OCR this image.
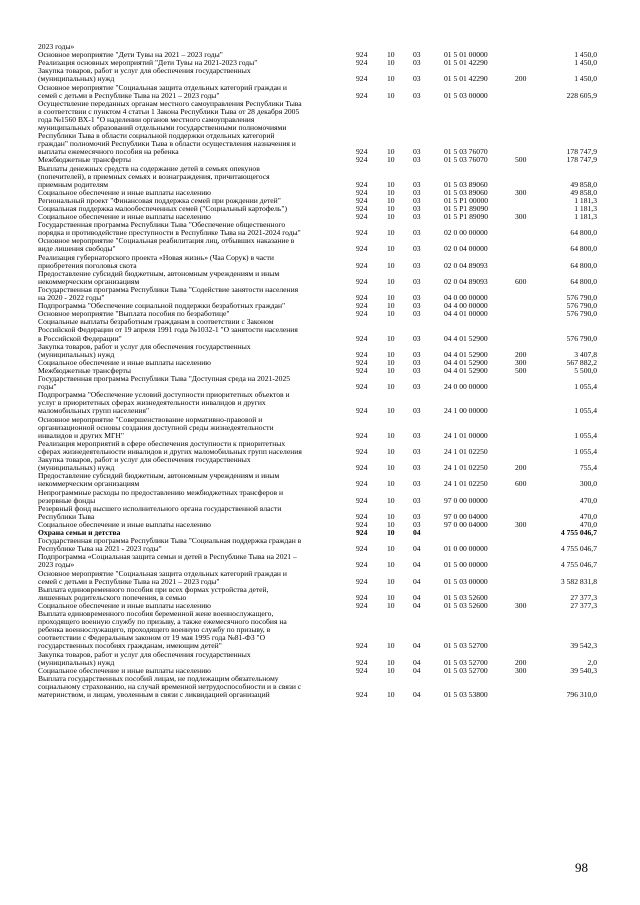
2023 годы»
Основное мероприятие "Дети Тувы на 2021 – 2023 годы"	924	10 03	01 5 01 00000	1 450,0
Реализация основных мероприятий "Дети Тувы на 2021-2023 годы"	924	10 03	01 5 01 42290	1 450,0
Закупка товаров, работ и услуг для обеспечения государственных
(муниципальных) нужд	924	10 03	01 5 01 42290	200	1 450,0
Основное мероприятие "Социальная защита отдельных категорий граждан и
семей с детьми в Республике Тыва на 2021 – 2023 годы"	924	10 03	01 5 03 00000	228 605,9
Осуществление переданных органам местного самоуправления Республики Тыва
в соответствии с пунктом 4 статьи 1 Закона Республики Тыва от 28 декабря 2005
года №1560 ВХ-1 "О наделении органов местного самоуправления
муниципальных образований отдельными государственными полномочиями
Республики Тыва в области социальной поддержки отдельных категорий
граждан" полномочий Республики Тыва в области осуществления назначения и
выплаты ежемесячного пособия на ребенка	924	10 03	01 5 03 76070	178 747,9
Межбюджетные трансферты	924	10 03	01 5 03 76070	500	178 747,9
Выплаты денежных средств на содержание детей в семьях опекунов
(попечителей), в приемных семьях и вознаграждения, причитающегося
приемным родителям	924	10 03	01 5 03 89060	49 858,0
Социальное обеспечение и иные выплаты населению	924	10 03	01 5 03 89060	300	49 858,0
Региональный проект "Финансовая поддержка семей при рождении детей"	924	10 03	01 5 P1 00000	1 181,3
Социальная поддержка малообеспеченных семей ("Социальный картофель")	924	10 03	01 5 P1 89090	1 181,3
Социальное обеспечение и иные выплаты населению	924	10 03	01 5 P1 89090	300	1 181,3
Государственная программа Республики Тыва "Обеспечение общественного
порядка и противодействие преступности в Республике Тыва на 2021-2024 годы"	924	10 03	02 0 00 00000	64 800,0
Основное мероприятие "Социальная реабилитация лиц, отбывших наказание в
виде лишения свободы"	924	10 03	02 0 04 00000	64 800,0
Реализация губернаторского проекта «Новая жизнь» (Чаа Сорук) в части
приобретения поголовья скота	924	10 03	02 0 04 89093	64 800,0
Предоставление субсидий бюджетным, автономным учреждениям и иным
некоммерческим организациям	924	10 03	02 0 04 89093	600	64 800,0
Государственная программа Республики Тыва "Содействие занятости населения
на 2020 - 2022 годы"	924	10 03	04 0 00 00000	576 790,0
Подпрограмма "Обеспечение социальной поддержки безработных граждан"	924	10 03	04 4 00 00000	576 790,0
Основное мероприятие "Выплата пособия по безработице"	924	10 03	04 4 01 00000	576 790,0
Социальные выплаты безработным гражданам в соответствии с Законом
Российской Федерации от 19 апреля 1991 года №1032-1 "О занятости населения
в Российской Федерации"	924	10 03	04 4 01 52900	576 790,0
Закупка товаров, работ и услуг для обеспечения государственных
(муниципальных) нужд	924	10 03	04 4 01 52900	200	3 407,8
Социальное обеспечение и иные выплаты населению	924	10 03	04 4 01 52900	300	567 882,2
Межбюджетные трансферты	924	10 03	04 4 01 52900	500	5 500,0
Государственная программа Республики Тыва "Доступная среда на 2021-2025
годы"	924	10 03	24 0 00 00000	1 055,4
Подпрограмма "Обеспечение условий доступности приоритетных объектов и
услуг в приоритетных сферах жизнедеятельности инвалидов и других
маломобильных групп населения"	924	10 03	24 1 00 00000	1 055,4
Основное мероприятие "Совершенствование нормативно-правовой и
организационной основы создания доступной среды жизнедеятельности
инвалидов и других МГН"	924	10 03	24 1 01 00000	1 055,4
Реализация мероприятий в сфере обеспечения доступности к приоритетных
сферах жизнедеятельности инвалидов и других маломобильных групп населения	924	10 03	24 1 01 02250	1 055,4
Закупка товаров, работ и услуг для обеспечения государственных
(муниципальных) нужд	924	10 03	24 1 01 02250	200	755,4
Предоставление субсидий бюджетным, автономным учреждениям и иным
некоммерческим организациям	924	10 03	24 1 01 02250	600	300,0
Непрограммные расходы по предоставлению межбюджетных трансферов и
резервные фонды	924	10 03	97 0 00 00000	470,0
Резервный фонд высшего исполнительного органа государственной власти
Республики Тыва	924	10 03	97 0 00 04000	470,0
Социальное обеспечение и иные выплаты населению	924	10 03	97 0 00 04000	300	470,0
Охрана семьи и детства	924	10 04	4 755 046,7
Государственная программа Республики Тыва "Социальная поддержка граждан в
Республике Тыва на 2021 - 2023 годы"	924	10 04	01 0 00 00000	4 755 046,7
Подпрограмма «Социальная защита семьи и детей в Республике Тыва на 2021 –
2023 годы»	924	10 04	01 5 00 00000	4 755 046,7
Основное мероприятие "Социальная защита отдельных категорий граждан и
семей с детьми в Республике Тыва на 2021 – 2023 годы"	924	10 04	01 5 03 00000	3 582 831,8
Выплата единовременного пособия при всех формах устройства детей,
лишенных родительского попечения, в семью	924	10 04	01 5 03 52600	27 377,3
Социальное обеспечение и иные выплаты населению	924	10 04	01 5 03 52600	300	27 377,3
Выплата единовременного пособия беременной жене военнослужащего,
проходящего военную службу по призыву, а также ежемесячного пособия на
ребенка военнослужащего, проходящего военную службу по призыву, в
соответствии с Федеральным законом от 19 мая 1995 года №81-ФЗ "О
государственных пособиях гражданам, имеющим детей"	924	10 04	01 5 03 52700	39 542,3
Закупка товаров, работ и услуг для обеспечения государственных
(муниципальных) нужд	924	10 04	01 5 03 52700	200	2,0
Социальное обеспечение и иные выплаты населению	924	10 04	01 5 03 52700	300	39 540,3
Выплата государственных пособий лицам, не подлежащим обязательному
социальному страхованию, на случай временной нетрудоспособности и в связи с
материнством, и лицам, уволенным в связи с ликвидацией организаций	924	10 04	01 5 03 53800	796 310,0
98
